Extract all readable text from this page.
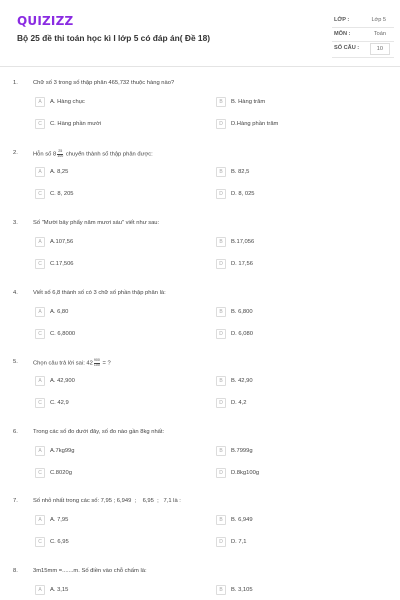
QUIZIZZ
Bộ 25 đề thi toán học kì I lớp 5 có đáp án( Đề 18)
LỚP :	Lớp 5
MÔN :	Toán
SỐ CÂU :	10
1.	Chữ số 3 trong số thập phân 465,732 thuộc hàng nào?
A	A. Hàng chục	B	B. Hàng trăm
C	C. Hàng phần mười	D	D.Hàng phần trăm
2.	Hỗn số $8 \frac{25}{100}$ chuyển thành số thập phân được:
A	A. 8,25	B	B. 82,5
C	C. 8, 205	D	D. 8, 025
3.	Số "Mười bảy phẩy năm mươi sáu" viết như sau:
A	A.107,56	B	B.17,056
C	C.17,506	D	D. 17,56
4.	Viết số 6,8 thành số có 3 chữ số phần thập phân là:
A	A. 6,80	B	B. 6,800
C	C. 6,8000	D	D. 6,080
5.	Chọn câu trả lời sai: $42 \frac{900}{100}$ = ?
A	A. 42,900	B	B. 42,90
C	C. 42,9	D	D. 4,2
6.	Trong các số đo dưới đây, số đo nào gần 8kg nhất:
A	A.7kg99g	B	B.7999g
C	C.8020g	D	D.8kg100g
7.	Số nhỏ nhất trong các số: 7,95 ; 6,949  ;    6,95  ;   7,1 là :
A	A. 7,95	B	B. 6,949
C	C. 6,95	D	D. 7,1
8.	3m15mm =.......m. Số điền vào chỗ chấm là:
A	A. 3,15	B	B. 3,105
